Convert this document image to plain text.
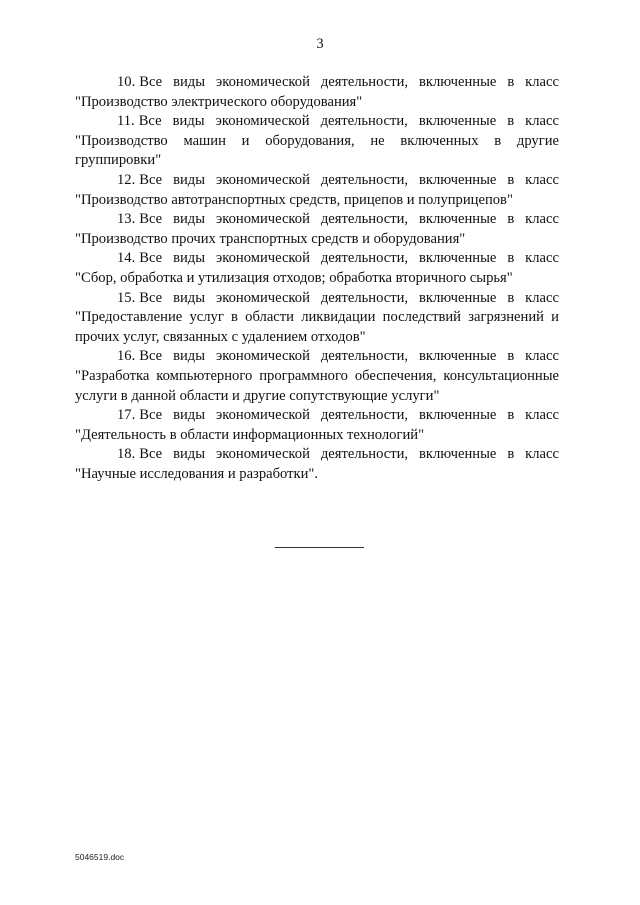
3

10. Все виды экономической деятельности, включенные в класс "Производство электрического оборудования"

11. Все виды экономической деятельности, включенные в класс "Производство машин и оборудования, не включенных в другие группировки"

12. Все виды экономической деятельности, включенные в класс "Производство автотранспортных средств, прицепов и полуприцепов"

13. Все виды экономической деятельности, включенные в класс "Производство прочих транспортных средств и оборудования"

14. Все виды экономической деятельности, включенные в класс "Сбор, обработка и утилизация отходов; обработка вторичного сырья"

15. Все виды экономической деятельности, включенные в класс "Предоставление услуг в области ликвидации последствий загрязнений и прочих услуг, связанных с удалением отходов"

16. Все виды экономической деятельности, включенные в класс "Разработка компьютерного программного обеспечения, консультационные услуги в данной области и другие сопутствующие услуги"

17. Все виды экономической деятельности, включенные в класс "Деятельность в области информационных технологий"

18. Все виды экономической деятельности, включенные в класс "Научные исследования и разработки".

5046519.doc
